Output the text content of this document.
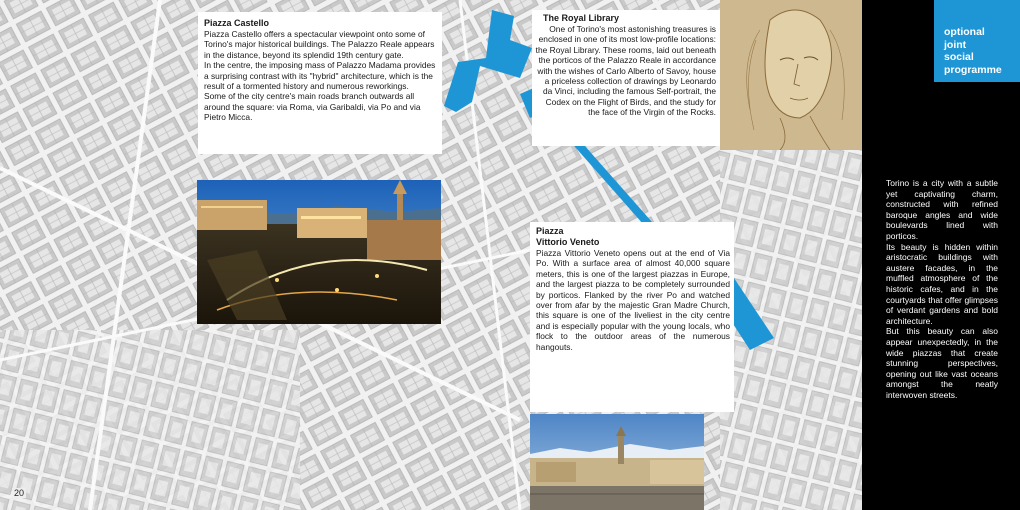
Piazza Castello

Piazza Castello offers a spectacular viewpoint onto some of Torino's major historical buildings. The Palazzo Reale appears in the distance, beyond its splendid 19th century gate.
In the centre, the imposing mass of Palazzo Madama provides a surprising contrast with its "hybrid" architecture, which is the result of a tormented history and numerous reworkings.
Some of the city centre's main roads branch outwards all around the square: via Roma, via Garibaldi, via Po and via Pietro Micca.

The Royal Library

One of Torino's most astonishing treasures is enclosed in one of its most low-profile locations: the Royal Library. These rooms, laid out beneath the porticos of the Palazzo Reale in accordance with the wishes of Carlo Alberto of Savoy, house a priceless collection of drawings by Leonardo da Vinci, including the famous Self-portrait, the Codex on the Flight of Birds, and the study for the face of the Virgin of the Rocks.

Piazza
Vittorio Veneto

Piazza Vittorio Veneto opens out at the end of Via Po. With a surface area of almost 40,000 square meters, this is one of the largest piazzas in Europe, and the largest piazza to be completely surrounded by porticos. Flanked by the river Po and watched over from afar by the majestic Gran Madre Church, this square is one of the liveliest in the city centre and is especially popular with the young locals, who flock to the outdoor areas of the numerous hangouts.

optional
joint
social
programme

Torino is a city with a subtle yet captivating charm, constructed with refined baroque angles and wide boulevards lined with porticos.

Its beauty is hidden within aristocratic buildings with austere facades, in the muffled atmosphere of the historic cafes, and in the courtyards that offer glimpses of verdant gardens and bold architecture.

But this beauty can also appear unexpectedly, in the wide piazzas that create stunning perspectives, opening out like vast oceans amongst the neatly interwoven streets.

20
